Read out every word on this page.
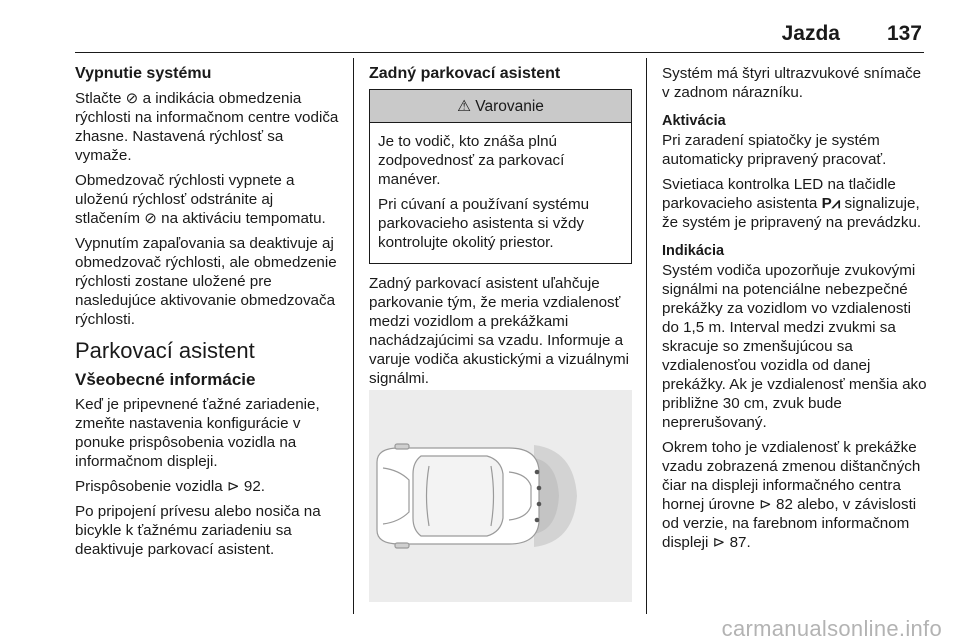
Jazda 137
Vypnutie systému

Stlačte ⊘ a indikácia obmedzenia rýchlosti na informačnom centre vodiča zhasne. Nastavená rýchlosť sa vymaže.

Obmedzovač rýchlosti vypnete a uloženú rýchlosť odstránite aj stlačením ⊘ na aktiváciu tempomatu.

Vypnutím zapaľovania sa deaktivuje aj obmedzovač rýchlosti, ale obmedzenie rýchlosti zostane uložené pre nasledujúce aktivovanie obmedzovača rýchlosti.

Parkovací asistent
Všeobecné informácie

Keď je pripevnené ťažné zariadenie, zmeňte nastavenia konfigurácie v ponuke prispôsobenia vozidla na informačnom displeji.

Prispôsobenie vozidla ⊳ 92.

Po pripojení prívesu alebo nosiča na bicykle k ťažnému zariadeniu sa deaktivuje parkovací asistent.

Zadný parkovací asistent
⚠ Varovanie

Je to vodič, kto znáša plnú zodpovednosť za parkovací manéver.

Pri cúvaní a používaní systému parkovacieho asistenta si vždy kontrolujte okolitý priestor.

Zadný parkovací asistent uľahčuje parkovanie tým, že meria vzdialenosť medzi vozidlom a prekážkami nachádzajúcimi sa vzadu. Informuje a varuje vodiča akustickými a vizuálnymi signálmi.

Systém má štyri ultrazvukové snímače v zadnom nárazníku.

Aktivácia

Pri zaradení spiatočky je systém automaticky pripravený pracovať.

Svietiaca kontrolka LED na tlačidle parkovacieho asistenta P⩘ signalizuje, že systém je pripravený na prevádzku.

Indikácia

Systém vodiča upozorňuje zvukovými signálmi na potenciálne nebezpečné prekážky za vozidlom vo vzdialenosti do 1,5 m. Interval medzi zvukmi sa skracuje so zmenšujúcou sa vzdialenosťou vozidla od danej prekážky. Ak je vzdialenosť menšia ako približne 30 cm, zvuk bude neprerušovaný.

Okrem toho je vzdialenosť k prekážke vzadu zobrazená zmenou dištančných čiar na displeji informačného centra hornej úrovne ⊳ 82 alebo, v závislosti od verzie, na farebnom informačnom displeji ⊳ 87.

carmanualsonline.info
